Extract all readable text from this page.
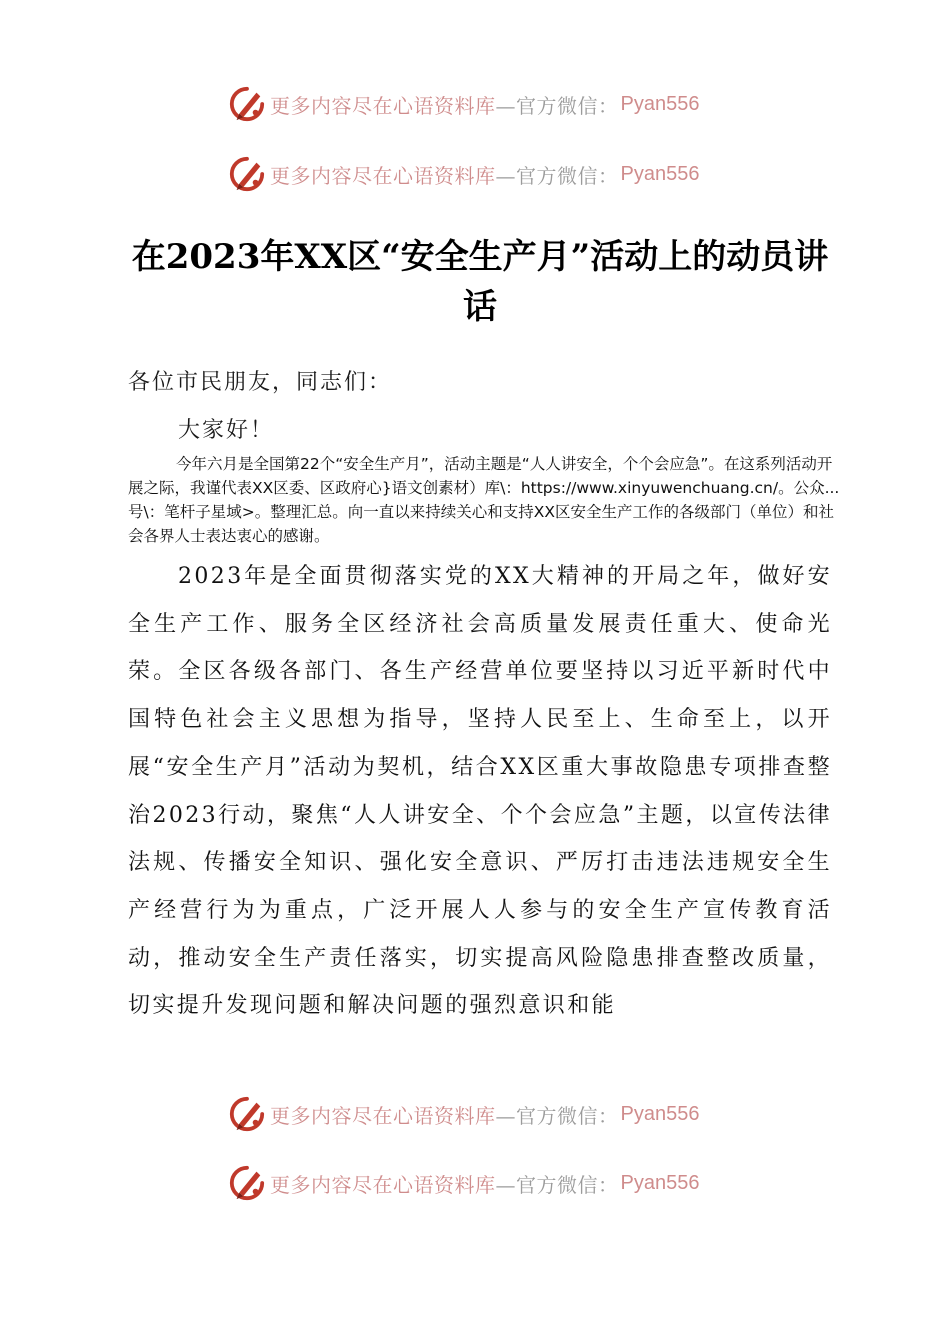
更多内容尽在心语资料库 —官方微信： Pyan556
更多内容尽在心语资料库 —官方微信： Pyan556
在2023年XX区“安全生产月”活动上的动员讲话

各位市民朋友，同志们：

大家好！

今年六月是全国第22个“安全生产月”，活动主题是“人人讲安全，个个会应急”。在这系列活动开展之际，我谨代表XX区委、区政府心}语文创素材）库\：https://www.xinyuwenchuang.cn/。公众...号\：笔杆子星域>。整理汇总。向一直以来持续关心和支持XX区安全生产工作的各级部门（单位）和社会各界人士表达衷心的感谢。

2023年是全面贯彻落实党的XX大精神的开局之年，做好安全生产工作、服务全区经济社会高质量发展责任重大、使命光荣。全区各级各部门、各生产经营单位要坚持以习近平新时代中国特色社会主义思想为指导，坚持人民至上、生命至上，以开展“安全生产月”活动为契机，结合XX区重大事故隐患专项排查整治2023行动，聚焦“人人讲安全、个个会应急”主题，以宣传法律法规、传播安全知识、强化安全意识、严厉打击违法违规安全生产经营行为为重点，广泛开展人人参与的安全生产宣传教育活动，推动安全生产责任落实，切实提高风险隐患排查整改质量，切实提升发现问题和解决问题的强烈意识和能

更多内容尽在心语资料库 —官方微信： Pyan556
更多内容尽在心语资料库 —官方微信： Pyan556
